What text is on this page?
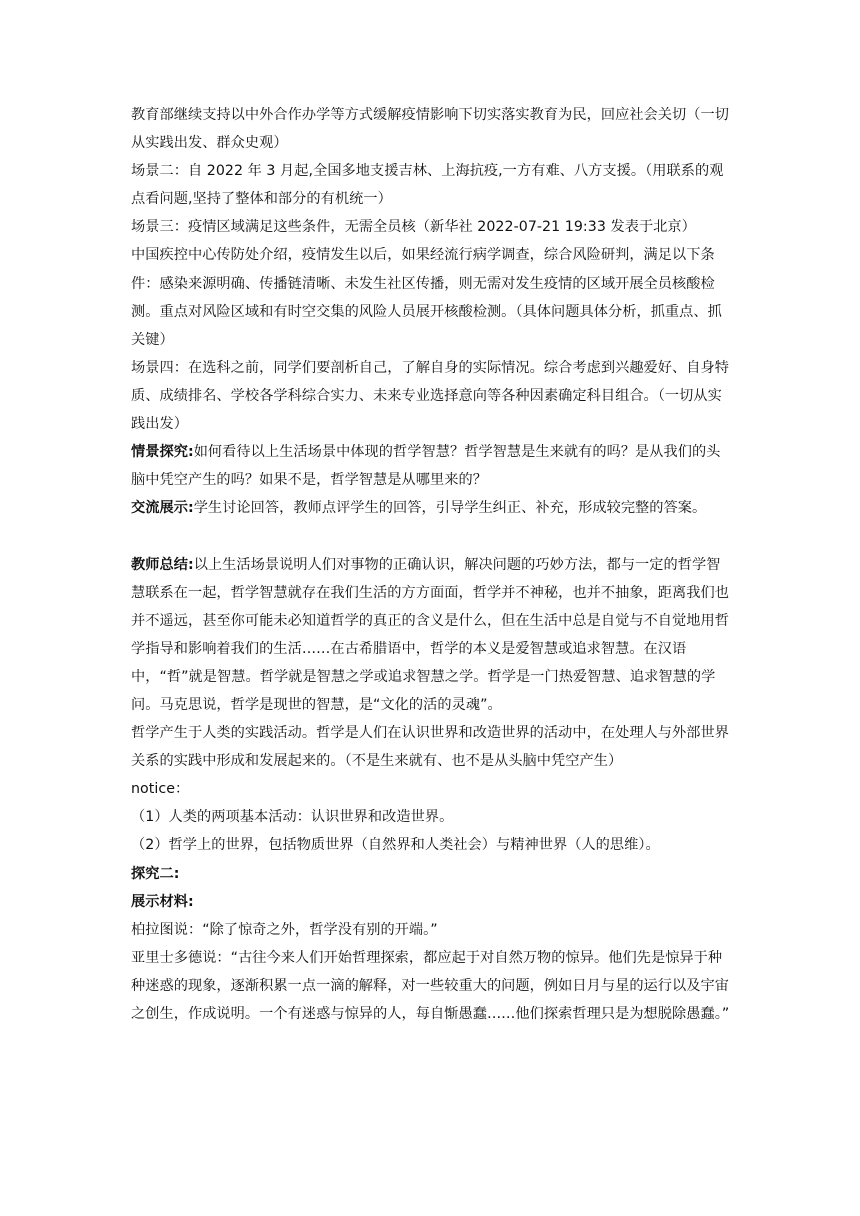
教育部继续支持以中外合作办学等方式缓解疫情影响下切实落实教育为民，回应社会关切（一切从实践出发、群众史观）

场景二：自 2022 年 3 月起,全国多地支援吉林、上海抗疫,一方有难、八方支援。（用联系的观点看问题,坚持了整体和部分的有机统一）

场景三：疫情区域满足这些条件，无需全员核（新华社 2022-07-21 19:33 发表于北京）

中国疾控中心传防处介绍，疫情发生以后，如果经流行病学调查，综合风险研判，满足以下条件：感染来源明确、传播链清晰、未发生社区传播，则无需对发生疫情的区域开展全员核酸检测。重点对风险区域和有时空交集的风险人员展开核酸检测。（具体问题具体分析，抓重点、抓关键）

场景四：在选科之前，同学们要剖析自己，了解自身的实际情况。综合考虑到兴趣爱好、自身特质、成绩排名、学校各学科综合实力、未来专业选择意向等各种因素确定科目组合。（一切从实践出发）

情景探究:如何看待以上生活场景中体现的哲学智慧？哲学智慧是生来就有的吗？是从我们的头脑中凭空产生的吗？如果不是，哲学智慧是从哪里来的？

交流展示:学生讨论回答，教师点评学生的回答，引导学生纠正、补充，形成较完整的答案。

教师总结:以上生活场景说明人们对事物的正确认识，解决问题的巧妙方法，都与一定的哲学智慧联系在一起，哲学智慧就存在我们生活的方方面面，哲学并不神秘，也并不抽象，距离我们也并不遥远，甚至你可能未必知道哲学的真正的含义是什么，但在生活中总是自觉与不自觉地用哲学指导和影响着我们的生活……在古希腊语中，哲学的本义是爱智慧或追求智慧。在汉语中，“哲”就是智慧。哲学就是智慧之学或追求智慧之学。哲学是一门热爱智慧、追求智慧的学问。马克思说，哲学是现世的智慧，是“文化的活的灵魂”。

哲学产生于人类的实践活动。哲学是人们在认识世界和改造世界的活动中，在处理人与外部世界关系的实践中形成和发展起来的。（不是生来就有、也不是从头脑中凭空产生）

notice：

（1）人类的两项基本活动：认识世界和改造世界。

（2）哲学上的世界，包括物质世界（自然界和人类社会）与精神世界（人的思维）。

探究二:

展示材料:

柏拉图说：“除了惊奇之外，哲学没有别的开端。”

亚里士多德说：“古往今来人们开始哲理探索，都应起于对自然万物的惊异。他们先是惊异于种种迷惑的现象，逐渐积累一点一滴的解释，对一些较重大的问题，例如日月与星的运行以及宇宙之创生，作成说明。一个有迷惑与惊异的人，每自惭愚蠢……他们探索哲理只是为想脱除愚蠢。”
